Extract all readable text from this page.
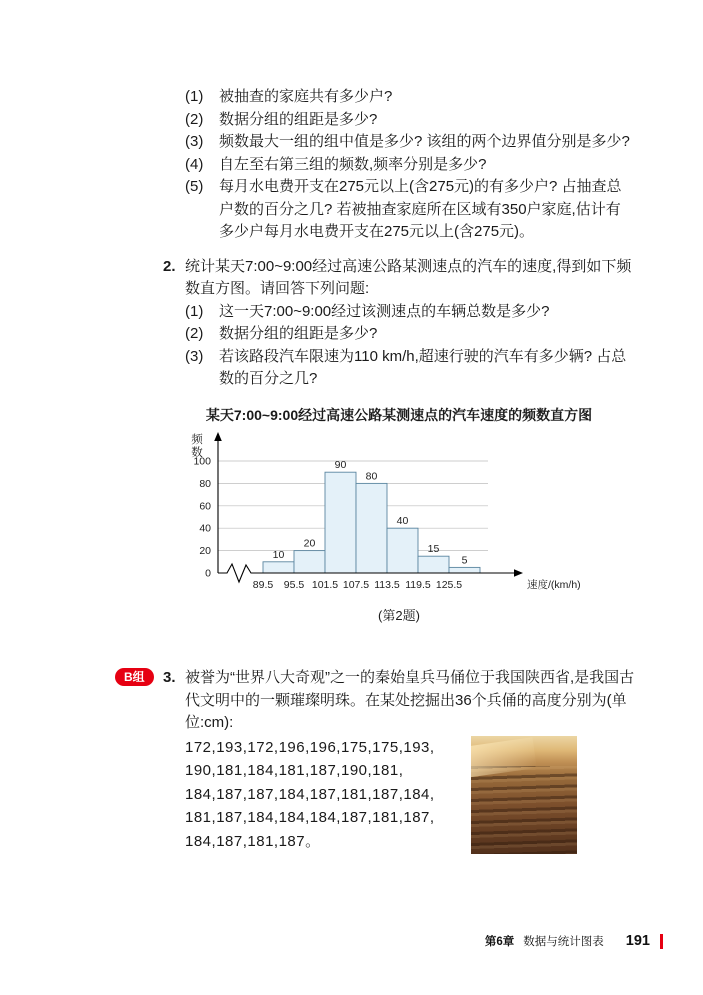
(1)	被抽查的家庭共有多少户?
(2)	数据分组的组距是多少?
(3)	频数最大一组的组中值是多少? 该组的两个边界值分别是多少?
(4)	自左至右第三组的频数,频率分别是多少?
(5)	每月水电费开支在275元以上(含275元)的有多少户? 占抽查总户数的百分之几? 若被抽查家庭所在区域有350户家庭,估计有多少户每月水电费开支在275元以上(含275元)。
2. 统计某天7:00~9:00经过高速公路某测速点的汽车的速度,得到如下频数直方图。请回答下列问题:
(1)	这一天7:00~9:00经过该测速点的车辆总数是多少?
(2)	数据分组的组距是多少?
(3)	若该路段汽车限速为110 km/h,超速行驶的汽车有多少辆? 占总数的百分之几?
某天7:00~9:00经过高速公路某测速点的汽车速度的频数直方图
0
20
40
60
80
100
10
20
90
80
40
15
5
89.5 95.5 101.5 107.5 113.5 119.5 125.5
频
数
速度/(km/h)
(第2题)
B组	3. 被誉为“世界八大奇观”之一的秦始皇兵马俑位于我国陕西省,是我国古代文明中的一颗璀璨明珠。在某处挖掘出36个兵俑的高度分别为(单位:cm):
172,193,172,196,196,175,175,193,
190,181,184,181,187,190,181,
184,187,187,184,187,181,187,184,
181,187,184,184,184,187,181,187,
184,187,181,187。
第6章 数据与统计图表 191
